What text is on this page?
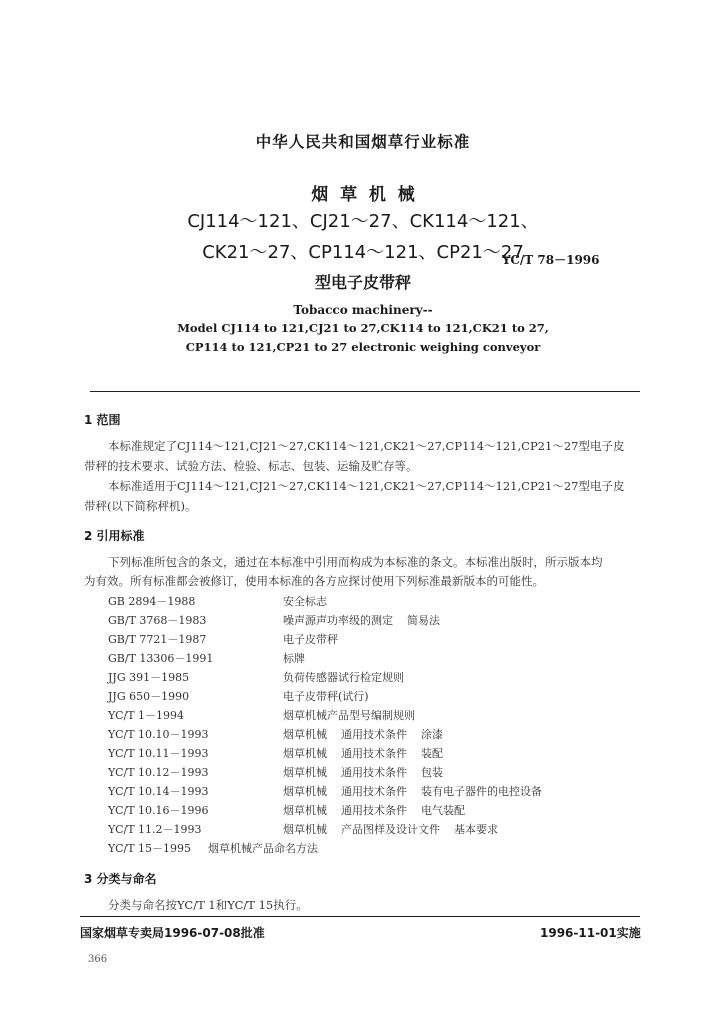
中华人民共和国烟草行业标准
烟  草  机  械
CJ114～121、CJ21～27、CK114～121、
CK21～27、CP114～121、CP21～27
型电子皮带秤
YC/T 78－1996
Tobacco machinery--
Model CJ114 to 121,CJ21 to 27,CK114 to 121,CK21 to 27,
CP114 to 121,CP21 to 27 electronic weighing conveyor
1 范围
本标准规定了CJ114～121,CJ21～27,CK114～121,CK21～27,CP114～121,CP21～27型电子皮
带秤的技术要求、试验方法、检验、标志、包装、运输及贮存等。
本标准适用于CJ114～121,CJ21～27,CK114～121,CK21～27,CP114～121,CP21～27型电子皮
带秤(以下简称秤机)。
2 引用标准
下列标准所包含的条文，通过在本标准中引用而构成为本标准的条文。本标准出版时，所示版本均
为有效。所有标准都会被修订，使用本标准的各方应探讨使用下列标准最新版本的可能性。
GB 2894－1988	安全标志
GB/T 3768－1983	噪声源声功率级的测定    简易法
GB/T 7721－1987	电子皮带秤
GB/T 13306－1991	标牌
JJG 391－1985	负荷传感器试行检定规则
JJG 650－1990	电子皮带秤(试行)
YC/T 1－1994	烟草机械产品型号编制规则
YC/T 10.10－1993	烟草机械    通用技术条件    涂漆
YC/T 10.11－1993	烟草机械    通用技术条件    装配
YC/T 10.12－1993	烟草机械    通用技术条件    包装
YC/T 10.14－1993	烟草机械    通用技术条件    装有电子器件的电控设备
YC/T 10.16－1996	烟草机械    通用技术条件    电气装配
YC/T 11.2－1993	烟草机械    产品图样及设计文件    基本要求
YC/T 15－1995 烟草机械产品命名方法
3 分类与命名
分类与命名按YC/T 1和YC/T 15执行。
国家烟草专卖局1996-07-08批准	1996-11-01实施
366
